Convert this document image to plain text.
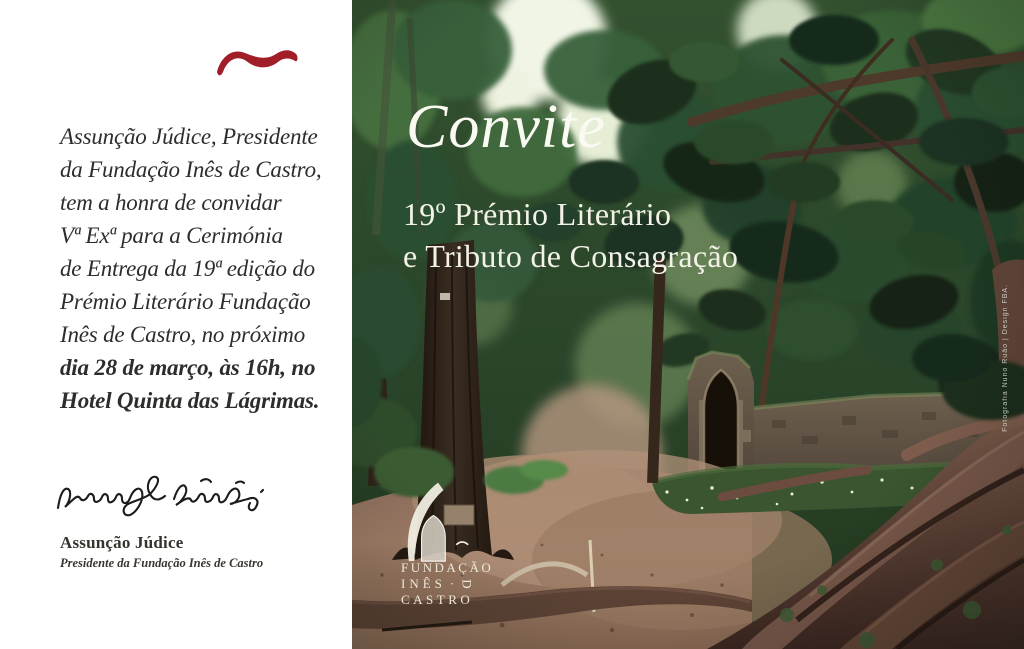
Assunção Júdice, Presidente
da Fundação Inês de Castro,
tem a honra de convidar
Vª Exª para a Cerimónia
de Entrega da 19ª edição do
Prémio Literário Fundação
Inês de Castro, no próximo
dia 28 de março, às 16h, no
Hotel Quinta das Lágrimas.
Assunção Júdice
Presidente da Fundação Inês de Castro
Convite
19º Prémio Literário
e Tributo de Consagração
FUNDAÇÃO
INÊS · D
CASTRO
Fotografia Nuno Ruão | Design FBA.
